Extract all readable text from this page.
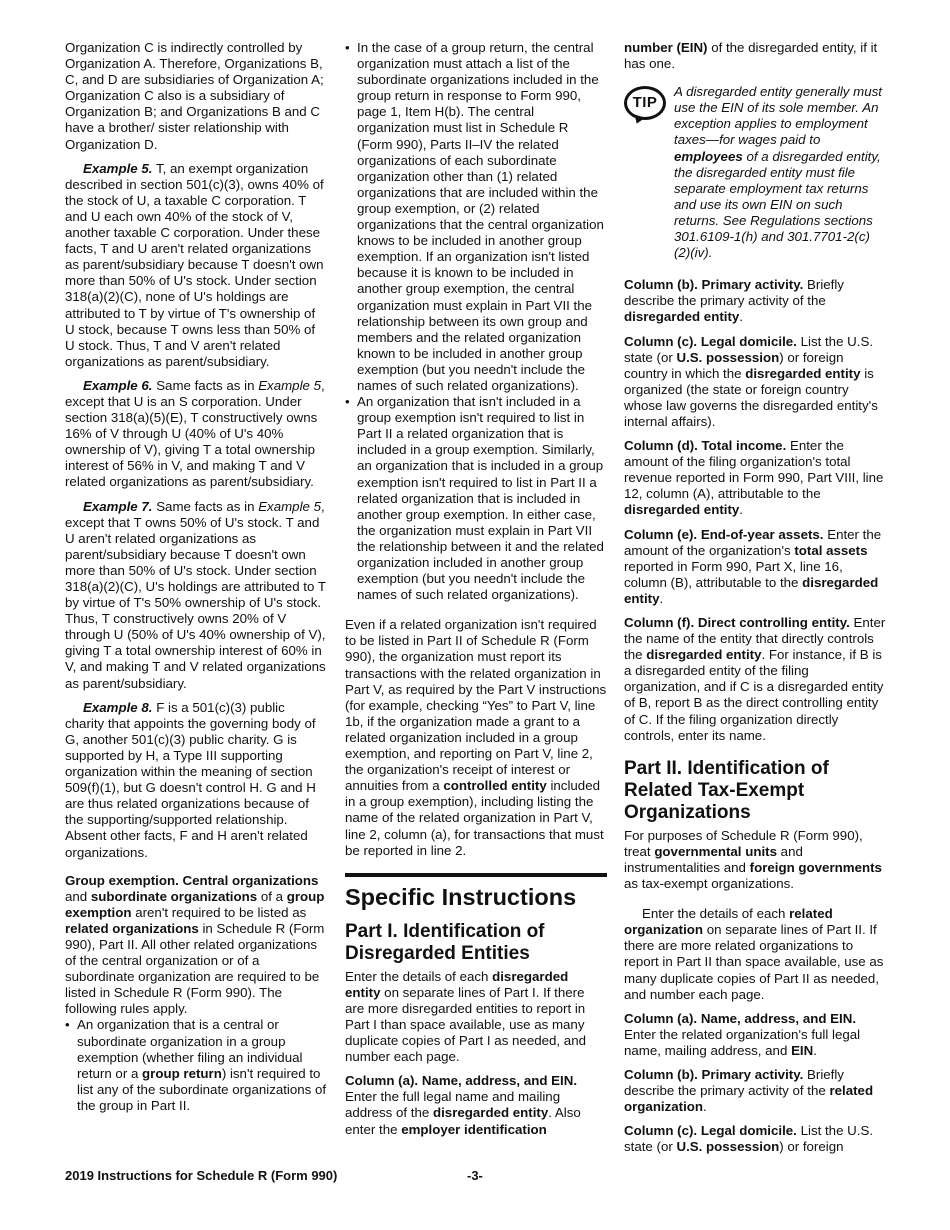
Organization C is indirectly controlled by Organization A. Therefore, Organizations B, C, and D are subsidiaries of Organization A; Organization C also is a subsidiary of Organization B; and Organizations B and C have a brother/ sister relationship with Organization D.

Example 5. T, an exempt organization described in section 501(c)(3), owns 40% of the stock of U, a taxable C corporation. T and U each own 40% of the stock of V, another taxable C corporation. Under these facts, T and U aren't related organizations as parent/subsidiary because T doesn't own more than 50% of U's stock. Under section 318(a)(2)(C), none of U's holdings are attributed to T by virtue of T's ownership of U stock, because T owns less than 50% of U stock. Thus, T and V aren't related organizations as parent/subsidiary.

Example 6. Same facts as in Example 5, except that U is an S corporation. Under section 318(a)(5)(E), T constructively owns 16% of V through U (40% of U's 40% ownership of V), giving T a total ownership interest of 56% in V, and making T and V related organizations as parent/subsidiary.

Example 7. Same facts as in Example 5, except that T owns 50% of U's stock. T and U aren't related organizations as parent/subsidiary because T doesn't own more than 50% of U's stock. Under section 318(a)(2)(C), U's holdings are attributed to T by virtue of T's 50% ownership of U's stock. Thus, T constructively owns 20% of V through U (50% of U's 40% ownership of V), giving T a total ownership interest of 60% in V, and making T and V related organizations as parent/subsidiary.

Example 8. F is a 501(c)(3) public charity that appoints the governing body of G, another 501(c)(3) public charity. G is supported by H, a Type III supporting organization within the meaning of section 509(f)(1), but G doesn't control H. G and H are thus related organizations because of the supporting/supported relationship. Absent other facts, F and H aren't related organizations.

Group exemption. Central organizations and subordinate organizations of a group exemption aren't required to be listed as related organizations in Schedule R (Form 990), Part II. All other related organizations of the central organization or of a subordinate organization are required to be listed in Schedule R (Form 990). The following rules apply.

• An organization that is a central or subordinate organization in a group exemption (whether filing an individual return or a group return) isn't required to list any of the subordinate organizations of the group in Part II.

• In the case of a group return, the central organization must attach a list of the subordinate organizations included in the group return in response to Form 990, page 1, Item H(b). The central organization must list in Schedule R (Form 990), Parts II–IV the related organizations of each subordinate organization other than (1) related organizations that are included within the group exemption, or (2) related organizations that the central organization knows to be included in another group exemption. If an organization isn't listed because it is known to be included in another group exemption, the central organization must explain in Part VII the relationship between its own group and members and the related organization known to be included in another group exemption (but you needn't include the names of such related organizations).

• An organization that isn't included in a group exemption isn't required to list in Part II a related organization that is included in a group exemption. Similarly, an organization that is included in a group exemption isn't required to list in Part II a related organization that is included in another group exemption. In either case, the organization must explain in Part VII the relationship between it and the related organization included in another group exemption (but you needn't include the names of such related organizations).

Even if a related organization isn't required to be listed in Part II of Schedule R (Form 990), the organization must report its transactions with the related organization in Part V, as required by the Part V instructions (for example, checking “Yes” to Part V, line 1b, if the organization made a grant to a related organization included in a group exemption, and reporting on Part V, line 2, the organization's receipt of interest or annuities from a controlled entity included in a group exemption), including listing the name of the related organization in Part V, line 2, column (a), for transactions that must be reported in line 2.

Specific Instructions
Part I. Identification of Disregarded Entities

Enter the details of each disregarded entity on separate lines of Part I. If there are more disregarded entities to report in Part I than space available, use as many duplicate copies of Part I as needed, and number each page.

Column (a). Name, address, and EIN. Enter the full legal name and mailing address of the disregarded entity. Also enter the employer identification

number (EIN) of the disregarded entity, if it has one.

TIP
A disregarded entity generally must use the EIN of its sole member. An exception applies to employment taxes—for wages paid to employees of a disregarded entity, the disregarded entity must file separate employment tax returns and use its own EIN on such returns. See Regulations sections 301.6109-1(h) and 301.7701-2(c)(2)(iv).

Column (b). Primary activity. Briefly describe the primary activity of the disregarded entity.

Column (c). Legal domicile. List the U.S. state (or U.S. possession) or foreign country in which the disregarded entity is organized (the state or foreign country whose law governs the disregarded entity's internal affairs).

Column (d). Total income. Enter the amount of the filing organization's total revenue reported in Form 990, Part VIII, line 12, column (A), attributable to the disregarded entity.

Column (e). End-of-year assets. Enter the amount of the organization's total assets reported in Form 990, Part X, line 16, column (B), attributable to the disregarded entity.

Column (f). Direct controlling entity. Enter the name of the entity that directly controls the disregarded entity. For instance, if B is a disregarded entity of the filing organization, and if C is a disregarded entity of B, report B as the direct controlling entity of C. If the filing organization directly controls, enter its name.

Part II. Identification of Related Tax-Exempt Organizations

For purposes of Schedule R (Form 990), treat governmental units and instrumentalities and foreign governments as tax-exempt organizations.

Enter the details of each related organization on separate lines of Part II. If there are more related organizations to report in Part II than space available, use as many duplicate copies of Part II as needed, and number each page.

Column (a). Name, address, and EIN. Enter the related organization's full legal name, mailing address, and EIN.

Column (b). Primary activity. Briefly describe the primary activity of the related organization.

Column (c). Legal domicile. List the U.S. state (or U.S. possession) or foreign

2019 Instructions for Schedule R (Form 990)	-3-
